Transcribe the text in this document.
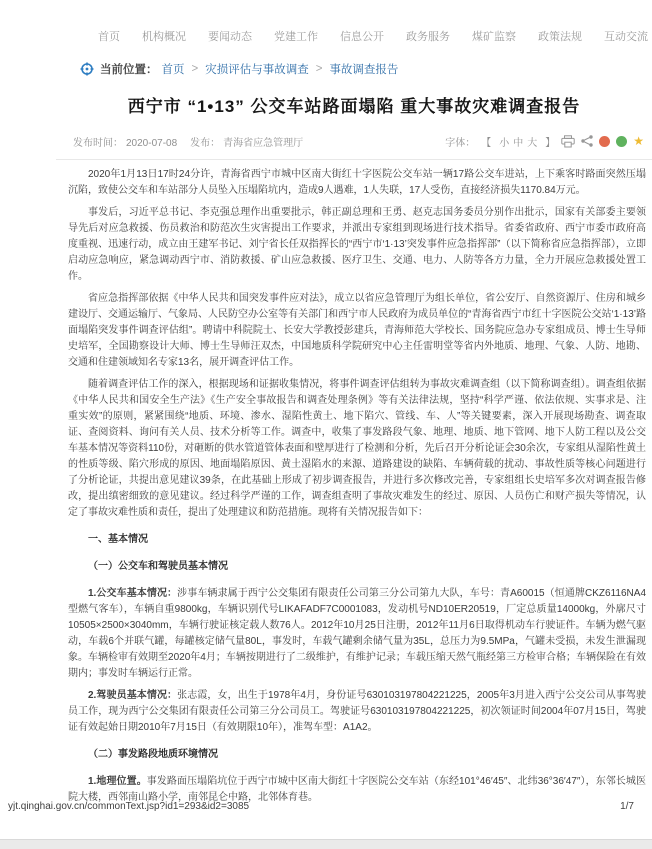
首页 机构概况 要闻动态 党建工作 信息公开 政务服务 煤矿监察 政策法规 互动交流
当前位置： 首页 > 灾损评估与事故调查 > 事故调查报告
西宁市 “1•13” 公交车站路面塌陷 重大事故灾难调查报告
发布时间： 2020-07-08 发布： 青海省应急管理厅	字体： 【 小 中 大 】	★

2020年1月13日17时24分许，青海省西宁市城中区南大街红十字医院公交车站一辆17路公交车进站，上下乘客时路面突然压塌沉陷，致使公交车和车站部分人员坠入压塌陷坑内，造成9人遇难，1人失联，17人受伤，直接经济损失1170.84万元。

事发后，习近平总书记、李克强总理作出重要批示，韩正副总理和王勇、赵克志国务委员分别作出批示，国家有关部委主要领导先后对应急救援、伤员救治和防范次生灾害提出工作要求，并派出专家组到现场进行技术指导。省委省政府、西宁市委市政府高度重视、迅速行动，成立由王建军书记、刘宁省长任双指挥长的“西宁市‘1·13’突发事件应急指挥部”（以下简称省应急指挥部），立即启动应急响应，紧急调动西宁市、消防救援、矿山应急救援、医疗卫生、交通、电力、人防等各方力量，全力开展应急救援处置工作。

省应急指挥部依据《中华人民共和国突发事件应对法》，成立以省应急管理厅为组长单位，省公安厅、自然资源厅、住房和城乡建设厅、交通运输厅、气象局、人民防空办公室等有关部门和西宁市人民政府为成员单位的“青海省西宁市红十字医院公交站‘1·13’路面塌陷突发事件调查评估组”。聘请中科院院士、长安大学教授彭建兵，青海师范大学校长、国务院应急办专家组成员、博士生导师史培军，全国勘察设计大师、博士生导师汪双杰，中国地质科学院研究中心主任雷明堂等省内外地质、地理、气象、人防、地勘、交通和住建领域知名专家13名，展开调查评估工作。

随着调查评估工作的深入，根据现场和证据收集情况，将事件调查评估组转为事故灾难调查组（以下简称调查组）。调查组依据《中华人民共和国安全生产法》《生产安全事故报告和调查处理条例》等有关法律法规，坚持“科学严谨、依法依规、实事求是、注重实效”的原则，紧紧围绕“地质、环境、渗水、湿陷性黄土、地下陷穴、管线、车、人”等关键要素，深入开展现场勘查、调查取证、查阅资料、询问有关人员、技术分析等工作。调查中，收集了事发路段气象、地理、地质、地下管网、地下人防工程以及公交车基本情况等资料110份，对砸断的供水管道管体表面和壁厚进行了检测和分析，先后召开分析论证会30余次，专家组从湿陷性黄土的性质等级、陷穴形成的原因、地面塌陷原因、黄土湿陷水的来源、道路建设的缺陷、车辆荷载的扰动、事故性质等核心问题进行了分析论证，共提出意见建议39条，在此基础上形成了初步调查报告，并进行多次修改完善，专家组组长史培军多次对调查报告修改，提出缜密细致的意见建议。经过科学严谨的工作，调查组查明了事故灾难发生的经过、原因、人员伤亡和财产损失等情况，认定了事故灾难性质和责任，提出了处理建议和防范措施。现将有关情况报告如下：

一、基本情况

（一）公交车和驾驶员基本情况

1.公交车基本情况：涉事车辆隶属于西宁公交集团有限责任公司第三分公司第九大队，车号：青A60015（恒通牌CKZ6116NA4型燃气客车），车辆自重9800kg，车辆识别代号LIKAFADF7C0001083，发动机号ND10ER20519，厂定总质量14000kg，外廓尺寸10505×2500×3040mm，车辆行驶证核定载人数76人。2012年10月25日注册，2012年11月6日取得机动车行驶证件。车辆为燃气驱动，车载6个并联气罐，每罐核定储气量80L，事发时，车载气罐剩余储气量为35L，总压力为9.5MPa，气罐未受损，未发生泄漏现象。车辆检审有效期至2020年4月；车辆按期进行了二级维护，有维护记录；车载压缩天然气瓶经第三方检审合格；车辆保险在有效期内；事发时车辆运行正常。

2.驾驶员基本情况：张志霞，女，出生于1978年4月，身份证号630103197804221225，2005年3月进入西宁公交公司从事驾驶员工作，现为西宁公交集团有限责任公司第三分公司员工。驾驶证号630103197804221225，初次领证时间2004年07月15日，驾驶证有效起始日期2010年7月15日（有效期限10年），准驾车型：A1A2。

（二）事发路段地质环境情况

1.地理位置。事发路面压塌陷坑位于西宁市城中区南大街红十字医院公交车站（东经101°46′45″、北纬36°36′47″），东邻长城医院大楼，西邻南山路小学，南邻昆仑中路，北邻体育巷。

yjt.qinghai.gov.cn/commonText.jsp?id1=293&id2=3085	1/7
